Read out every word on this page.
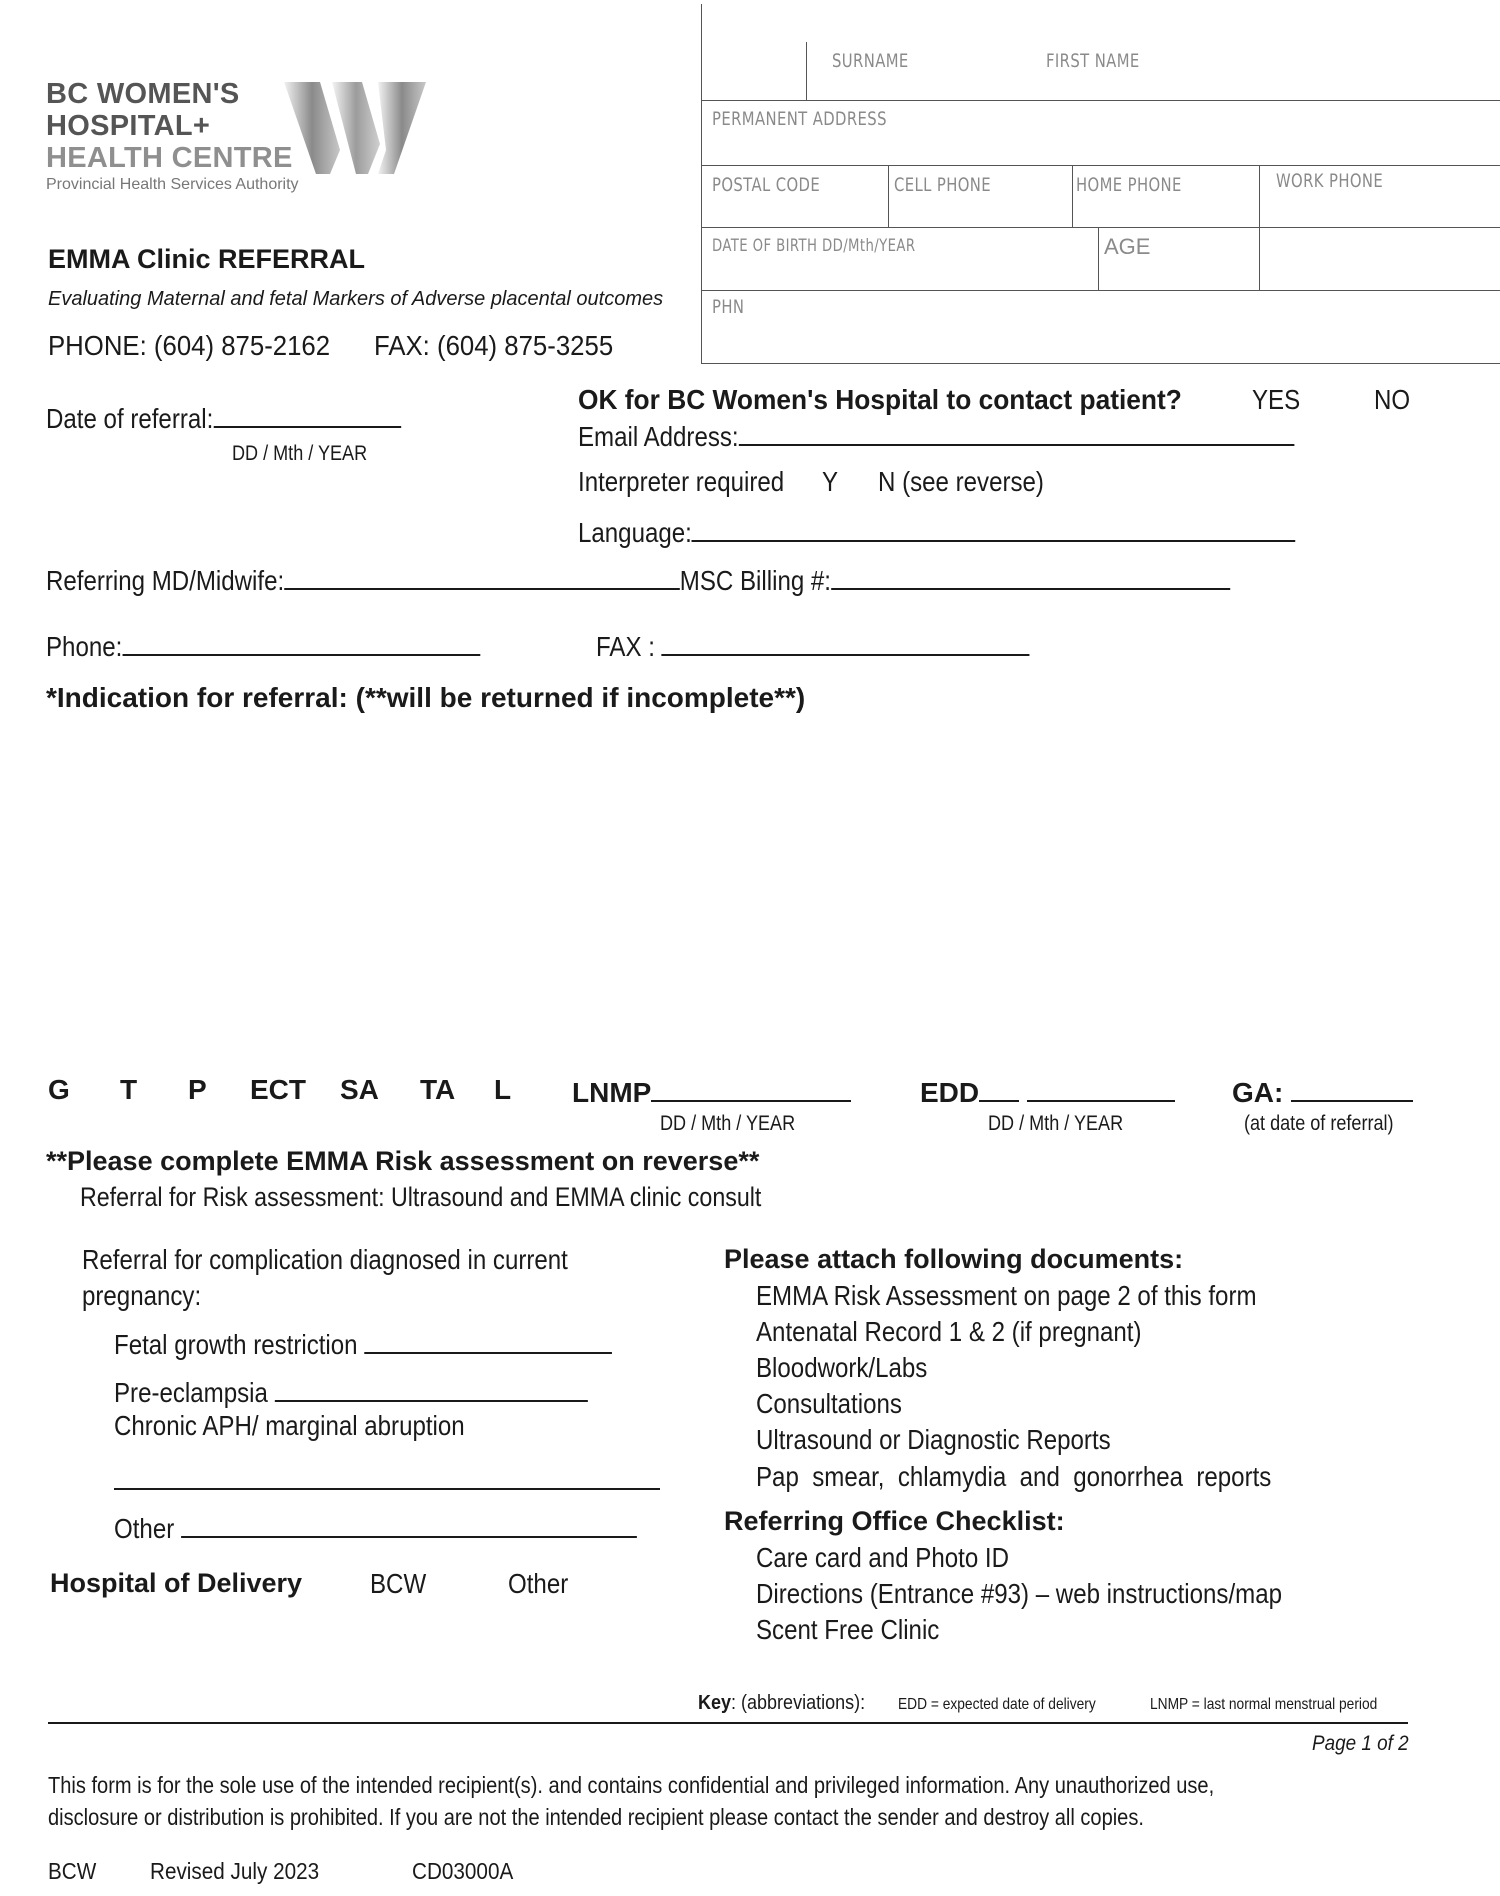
BC WOMEN'S
HOSPITAL+
HEALTH CENTRE
Provincial Health Services Authority
EMMA Clinic REFERRAL
Evaluating Maternal and fetal Markers of Adverse placental outcomes
PHONE: (604) 875-2162 FAX: (604) 875-3255
SURNAME	FIRST NAME
PERMANENT ADDRESS
POSTAL CODE	CELL PHONE	HOME PHONE	WORK PHONE
DATE OF BIRTH DD/Mth/YEAR	AGE
PHN
Date of referral:
DD / Mth / YEAR
OK for BC Women's Hospital to contact patient?	YES	NO
Email Address:
Interpreter required Y N (see reverse)
Language:
Referring MD/Midwife:	MSC Billing #:
Phone:	FAX :
*Indication for referral: (**will be returned if incomplete**)
G T P ECT SA TA L LNMP
DD / Mth / YEAR
EDD
DD / Mth / YEAR
GA:
(at date of referral)
**Please complete EMMA Risk assessment on reverse**
Referral for Risk assessment: Ultrasound and EMMA clinic consult
Referral for complication diagnosed in current
pregnancy:
Fetal growth restriction
Pre-eclampsia
Chronic APH/ marginal abruption
Other
Hospital of Delivery BCW	Other
Please attach following documents:
EMMA Risk Assessment on page 2 of this form
Antenatal Record 1 & 2 (if pregnant)
Bloodwork/Labs
Consultations
Ultrasound or Diagnostic Reports
Pap  smear,  chlamydia  and  gonorrhea  reports
Referring Office Checklist:
Care card and Photo ID
Directions (Entrance #93) – web instructions/map
Scent Free Clinic
Key: (abbreviations): EDD = expected date of delivery	LNMP = last normal menstrual period
Page 1 of 2
This form is for the sole use of the intended recipient(s). and contains confidential and privileged information. Any unauthorized use,
disclosure or distribution is prohibited. If you are not the intended recipient please contact the sender and destroy all copies.
BCW Revised July 2023	CD03000A
